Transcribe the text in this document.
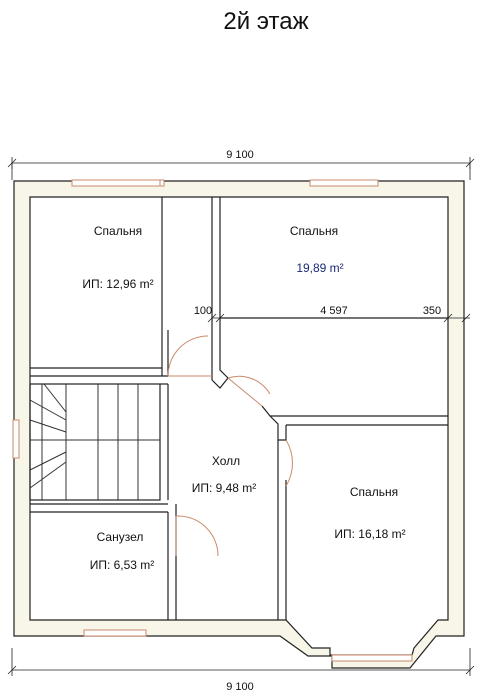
2й этаж
9 100
9 100
100	4 597	350
Спальня
ИП: 12,96 m²
Спальня
19,89 m²
Холл
ИП: 9,48 m²	Спальня
ИП: 16,18 m²
Санузел
ИП: 6,53 m²
